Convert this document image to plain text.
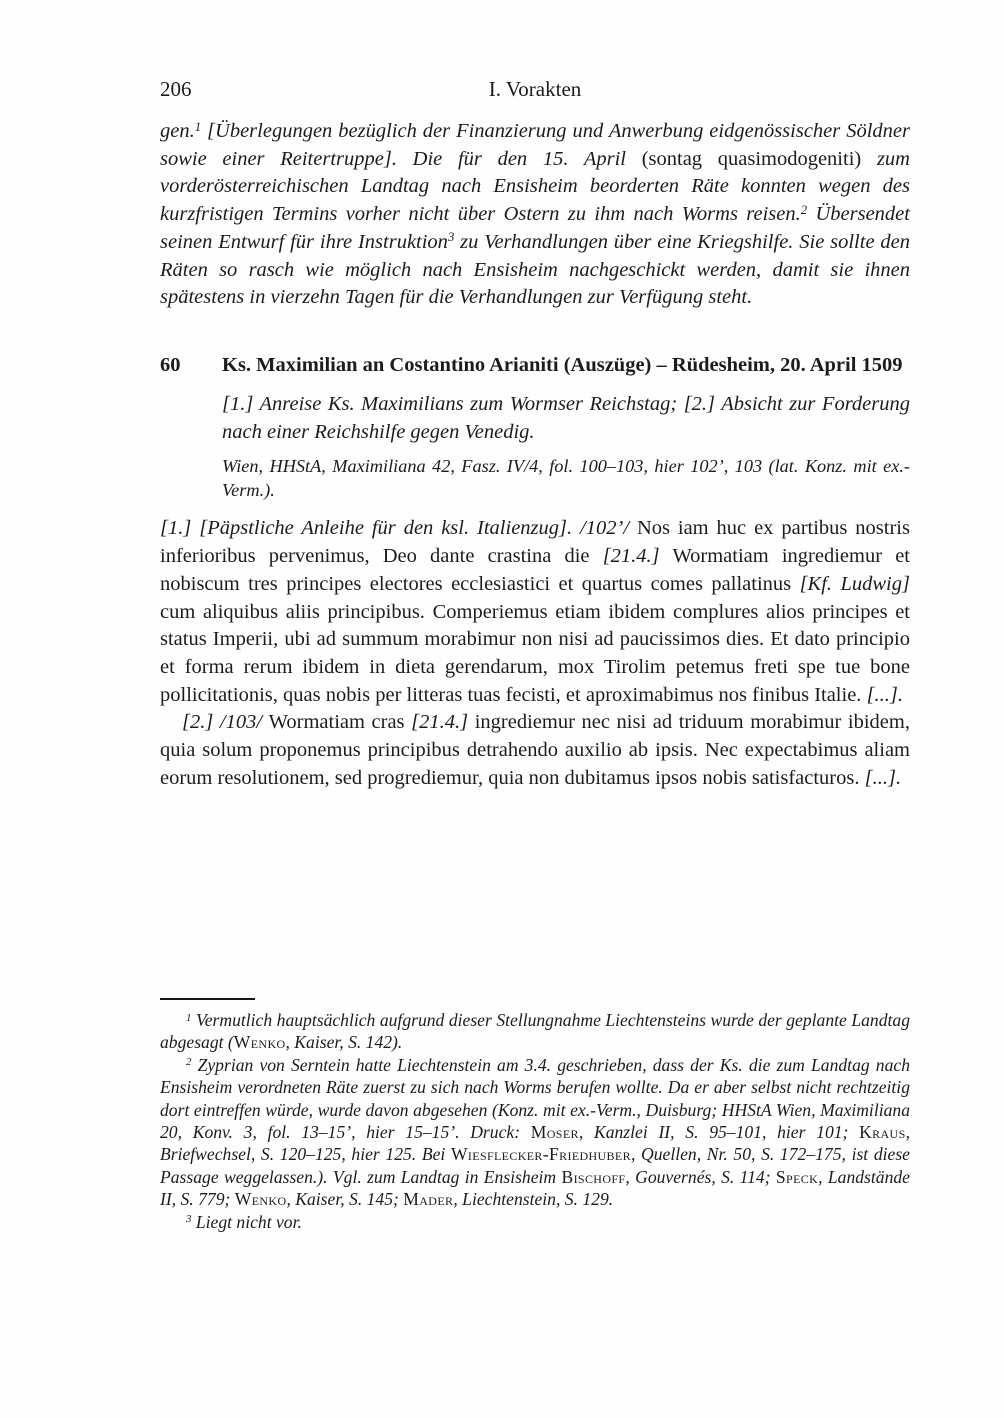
206	I. Vorakten

gen.$^1$ [Überlegungen bezüglich der Finanzierung und Anwerbung eidgenössischer Söldner sowie einer Reitertruppe]. Die für den 15. April (sontag quasimodogeniti) zum vorderösterreichischen Landtag nach Ensisheim beorderten Räte konnten wegen des kurzfristigen Termins vorher nicht über Ostern zu ihm nach Worms reisen.$^2$ Übersendet seinen Entwurf für ihre Instruktion$^3$ zu Verhandlungen über eine Kriegshilfe. Sie sollte den Räten so rasch wie möglich nach Ensisheim nachgeschickt werden, damit sie ihnen spätestens in vierzehn Tagen für die Verhandlungen zur Verfügung steht.

60	Ks. Maximilian an Costantino Arianiti (Auszüge) – Rüdesheim, 20. April 1509

[1.] Anreise Ks. Maximilians zum Wormser Reichstag; [2.] Absicht zur Forderung nach einer Reichshilfe gegen Venedig.

Wien, HHStA, Maximiliana 42, Fasz. IV/4, fol. 100–103, hier 102’, 103 (lat. Konz. mit ex.-Verm.).

[1.] [Päpstliche Anleihe für den ksl. Italienzug]. /102’/ Nos iam huc ex partibus nostris inferioribus pervenimus, Deo dante crastina die [21.4.] Wormatiam ingrediemur et nobiscum tres principes electores ecclesiastici et quartus comes pallatinus [Kf. Ludwig] cum aliquibus aliis principibus. Comperiemus etiam ibidem complures alios principes et status Imperii, ubi ad summum morabimur non nisi ad paucissimos dies. Et dato principio et forma rerum ibidem in dieta gerendarum, mox Tirolim petemus freti spe tue bone pollicitationis, quas nobis per litteras tuas fecisti, et aproximabimus nos finibus Italie. [...].

[2.] /103/ Wormatiam cras [21.4.] ingrediemur nec nisi ad triduum morabimur ibidem, quia solum proponemus principibus detrahendo auxilio ab ipsis. Nec expectabimus aliam eorum resolutionem, sed progrediemur, quia non dubitamus ipsos nobis satisfacturos. [...].

$^1$ Vermutlich hauptsächlich aufgrund dieser Stellungnahme Liechtensteins wurde der geplante Landtag abgesagt (Wenko, Kaiser, S. 142).

$^2$ Zyprian von Serntein hatte Liechtenstein am 3.4. geschrieben, dass der Ks. die zum Landtag nach Ensisheim verordneten Räte zuerst zu sich nach Worms berufen wollte. Da er aber selbst nicht rechtzeitig dort eintreffen würde, wurde davon abgesehen (Konz. mit ex.-Verm., Duisburg; HHStA Wien, Maximiliana 20, Konv. 3, fol. 13–15’, hier 15–15’. Druck: Moser, Kanzlei II, S. 95–101, hier 101; Kraus, Briefwechsel, S. 120–125, hier 125. Bei Wiesflecker-Friedhuber, Quellen, Nr. 50, S. 172–175, ist diese Passage weggelassen.). Vgl. zum Landtag in Ensisheim Bischoff, Gouvernés, S. 114; Speck, Landstände II, S. 779; Wenko, Kaiser, S. 145; Mader, Liechtenstein, S. 129.

$^3$ Liegt nicht vor.
